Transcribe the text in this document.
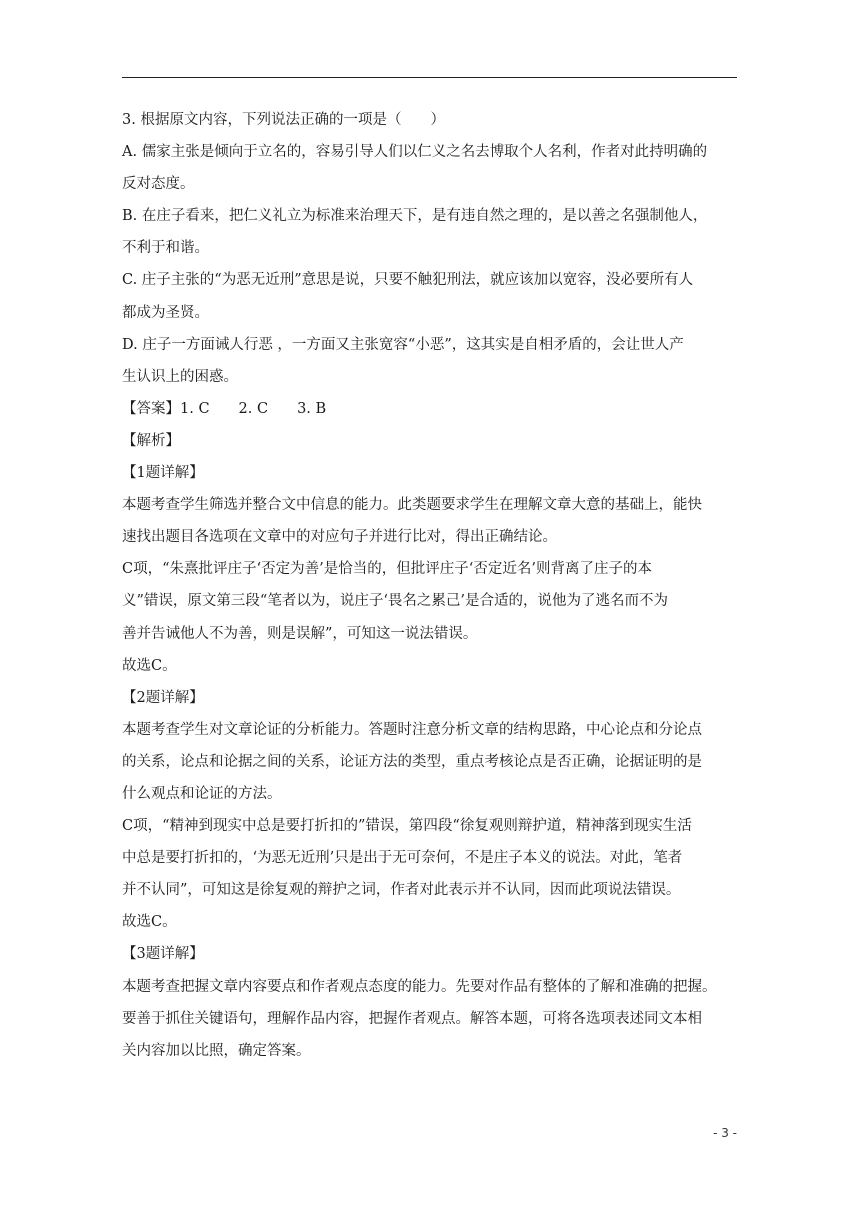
3. 根据原文内容，下列说法正确的一项是（　　）
A. 儒家主张是倾向于立名的，容易引导人们以仁义之名去博取个人名利，作者对此持明确的
反对态度。
B. 在庄子看来，把仁义礼立为标准来治理天下，是有违自然之理的，是以善之名强制他人，
不利于和谐。
C. 庄子主张的“为恶无近刑”意思是说，只要不触犯刑法，就应该加以宽容，没必要所有人
都成为圣贤。
D. 庄子一方面诫人行恶 ，一方面又主张宽容“小恶”，这其实是自相矛盾的，会让世人产
生认识上的困惑。
【答案】1. C　　2. C　　3. B
【解析】
【1题详解】
本题考查学生筛选并整合文中信息的能力。此类题要求学生在理解文章大意的基础上，能快
速找出题目各选项在文章中的对应句子并进行比对，得出正确结论。
C项，“朱熹批评庄子‘否定为善’是恰当的，但批评庄子‘否定近名’则背离了庄子的本
义”错误，原文第三段“笔者以为，说庄子‘畏名之累己’是合适的，说他为了逃名而不为
善并告诫他人不为善，则是误解”，可知这一说法错误。
故选C。
【2题详解】
本题考查学生对文章论证的分析能力。答题时注意分析文章的结构思路，中心论点和分论点
的关系，论点和论据之间的关系，论证方法的类型，重点考核论点是否正确，论据证明的是
什么观点和论证的方法。
C项，“精神到现实中总是要打折扣的”错误，第四段“徐复观则辩护道，精神落到现实生活
中总是要打折扣的，‘为恶无近刑’只是出于无可奈何，不是庄子本义的说法。对此，笔者
并不认同”，可知这是徐复观的辩护之词，作者对此表示并不认同，因而此项说法错误。
故选C。
【3题详解】
本题考查把握文章内容要点和作者观点态度的能力。先要对作品有整体的了解和准确的把握。
要善于抓住关键语句，理解作品内容，把握作者观点。解答本题，可将各选项表述同文本相
关内容加以比照，确定答案。
- 3 -
